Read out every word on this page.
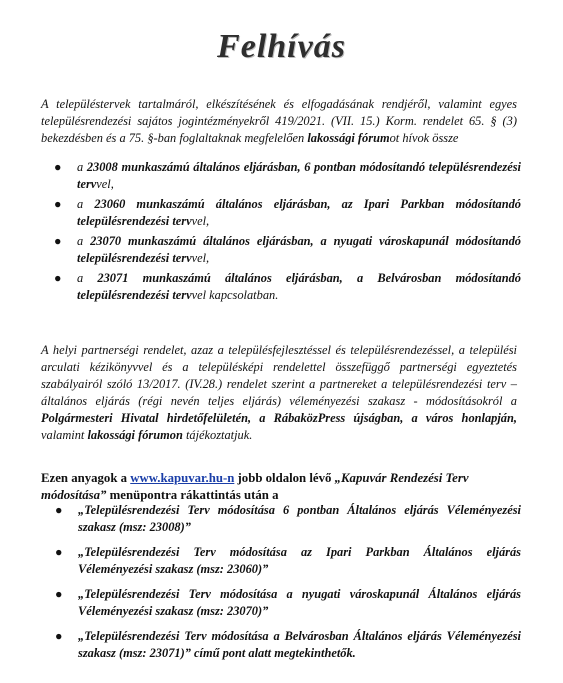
Felhívás

A településtervek tartalmáról, elkészítésének és elfogadásának rendjéről, valamint egyes településrendezési sajátos jogintézményekről 419/2021. (VII. 15.) Korm. rendelet 65. § (3) bekezdésben és a 75. §-ban foglaltaknak megfelelően lakossági fórumot hívok össze

● a 23008 munkaszámú általános eljárásban, 6 pontban módosítandó településrendezési tervvel,
● a 23060 munkaszámú általános eljárásban, az Ipari Parkban módosítandó településrendezési tervvel,
● a 23070 munkaszámú általános eljárásban, a nyugati városkapunál módosítandó településrendezési tervvel,
● a 23071 munkaszámú általános eljárásban, a Belvárosban módosítandó településrendezési tervvel kapcsolatban.

A helyi partnerségi rendelet, azaz a településfejlesztéssel és településrendezéssel, a települési arculati kézikönyvvel és a településképi rendelettel összefüggő partnerségi egyeztetés szabályairól szóló 13/2017. (IV.28.) rendelet szerint a partnereket a településrendezési terv – általános eljárás (régi nevén teljes eljárás) véleményezési szakasz - módosításokról a Polgármesteri Hivatal hirdetőfelületén, a RábaközPress újságban, a város honlapján, valamint lakossági fórumon tájékoztatjuk.

Ezen anyagok a www.kapuvar.hu-n jobb oldalon lévő „Kapuvár Rendezési Terv módosítása” menüpontra rákattintás után a

● „Településrendezési Terv módosítása 6 pontban Általános eljárás Véleményezési szakasz (msz: 23008)”
● „Településrendezési Terv módosítása az Ipari Parkban Általános eljárás Véleményezési szakasz (msz: 23060)”
● „Településrendezési Terv módosítása a nyugati városkapunál Általános eljárás Véleményezési szakasz (msz: 23070)”
● „Településrendezési Terv módosítása a Belvárosban Általános eljárás Véleményezési szakasz (msz: 23071)” című pont alatt megtekinthetők.
